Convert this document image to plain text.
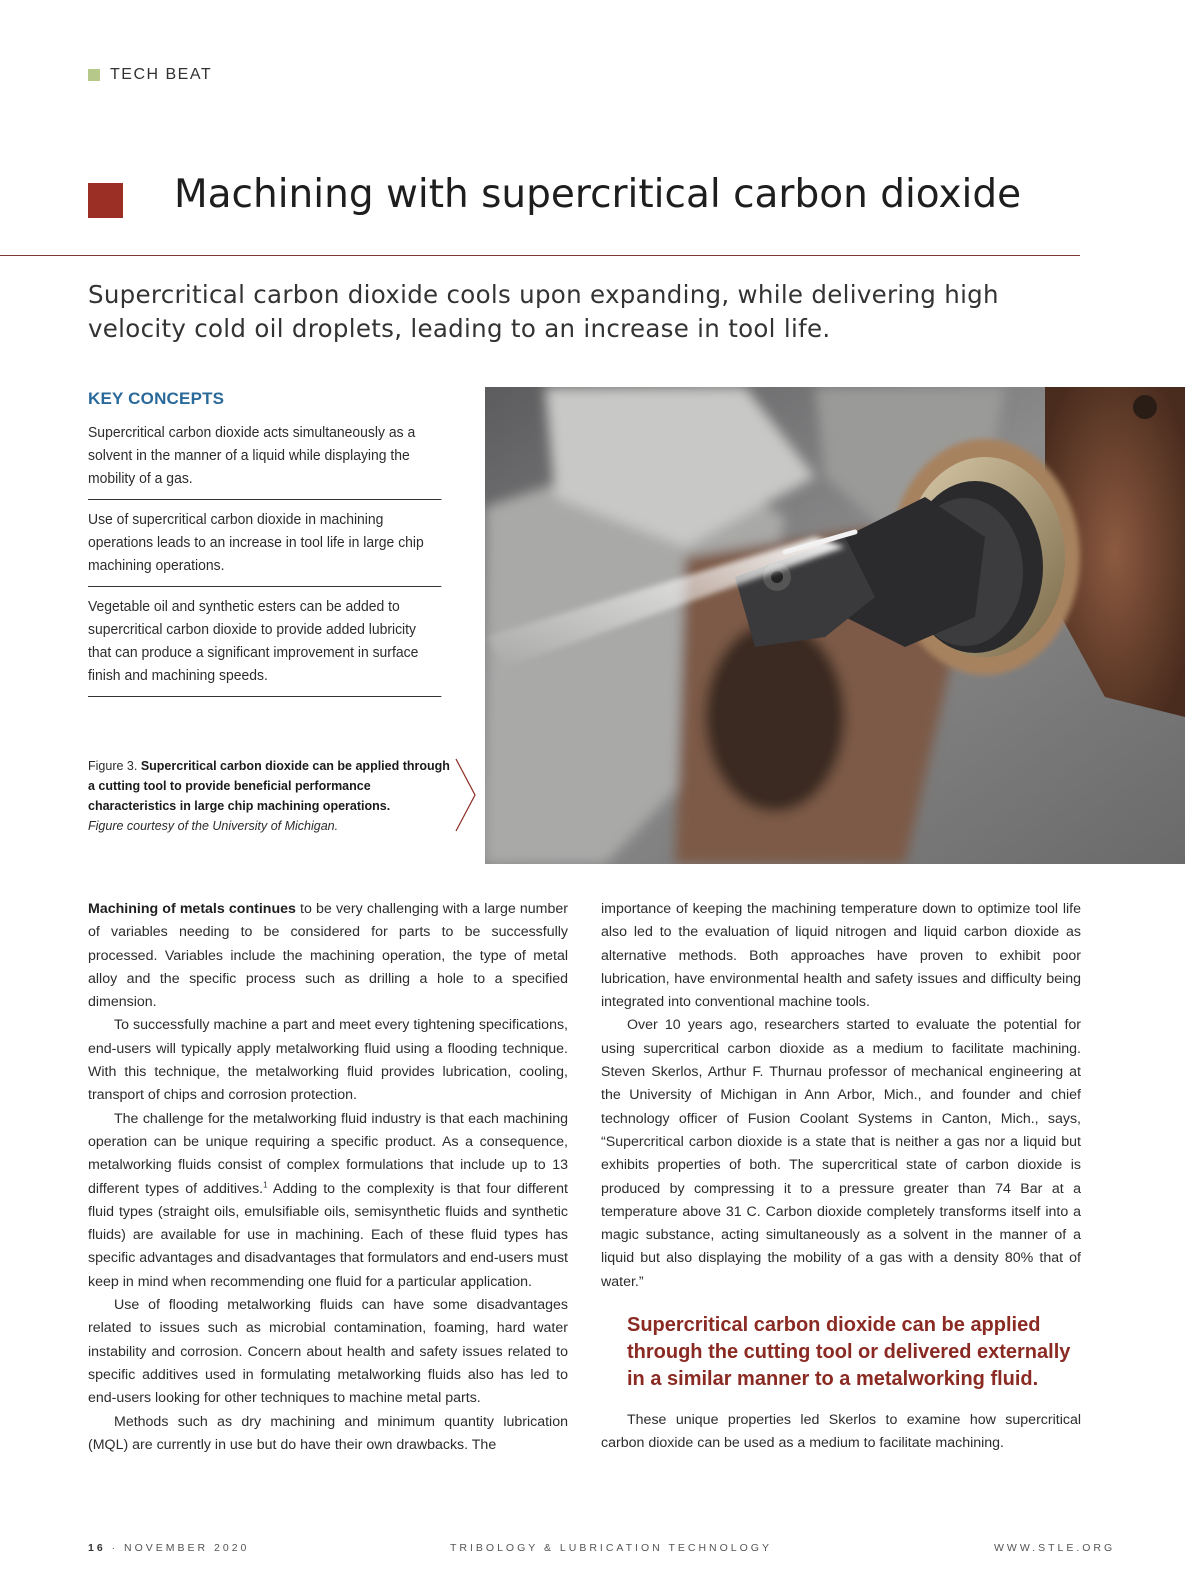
TECH BEAT
Machining with supercritical carbon dioxide

Supercritical carbon dioxide cools upon expanding, while delivering high velocity cold oil droplets, leading to an increase in tool life.

KEY CONCEPTS
Supercritical carbon dioxide acts simultaneously as a solvent in the manner of a liquid while displaying the mobility of a gas.
Use of supercritical carbon dioxide in machining operations leads to an increase in tool life in large chip machining operations.
Vegetable oil and synthetic esters can be added to supercritical carbon dioxide to provide added lubricity that can produce a significant improvement in surface finish and machining speeds.
Figure 3. Supercritical carbon dioxide can be applied through a cutting tool to provide beneficial performance characteristics in large chip machining operations.
Figure courtesy of the University of Michigan.

Machining of metals continues to be very challenging with a large number of variables needing to be considered for parts to be successfully processed. Variables include the machining operation, the type of metal alloy and the specific process such as drilling a hole to a specified dimension.

To successfully machine a part and meet every tightening specifications, end-users will typically apply metalworking fluid using a flooding technique. With this technique, the metalworking fluid provides lubrication, cooling, transport of chips and corrosion protection.

The challenge for the metalworking fluid industry is that each machining operation can be unique requiring a specific product. As a consequence, metalworking fluids consist of complex formulations that include up to 13 different types of additives.$^1$ Adding to the complexity is that four different fluid types (straight oils, emulsifiable oils, semisynthetic fluids and synthetic fluids) are available for use in machining. Each of these fluid types has specific advantages and disadvantages that formulators and end-users must keep in mind when recommending one fluid for a particular application.

Use of flooding metalworking fluids can have some disadvantages related to issues such as microbial contamination, foaming, hard water instability and corrosion. Concern about health and safety issues related to specific additives used in formulating metalworking fluids also has led to end-users looking for other techniques to machine metal parts.

Methods such as dry machining and minimum quantity lubrication (MQL) are currently in use but do have their own drawbacks. The

importance of keeping the machining temperature down to optimize tool life also led to the evaluation of liquid nitrogen and liquid carbon dioxide as alternative methods. Both approaches have proven to exhibit poor lubrication, have environmental health and safety issues and difficulty being integrated into conventional machine tools.

Over 10 years ago, researchers started to evaluate the potential for using supercritical carbon dioxide as a medium to facilitate machining. Steven Skerlos, Arthur F. Thurnau professor of mechanical engineering at the University of Michigan in Ann Arbor, Mich., and founder and chief technology officer of Fusion Coolant Systems in Canton, Mich., says, “Supercritical carbon dioxide is a state that is neither a gas nor a liquid but exhibits properties of both. The supercritical state of carbon dioxide is produced by compressing it to a pressure greater than 74 Bar at a temperature above 31 C. Carbon dioxide completely transforms itself into a magic substance, acting simultaneously as a solvent in the manner of a liquid but also displaying the mobility of a gas with a density 80% that of water.”

Supercritical carbon dioxide can be applied through the cutting tool or delivered externally in a similar manner to a metalworking fluid.

These unique properties led Skerlos to examine how supercritical carbon dioxide can be used as a medium to facilitate machining.

16 · NOVEMBER 2020	TRIBOLOGY & LUBRICATION TECHNOLOGY	WWW.STLE.ORG
